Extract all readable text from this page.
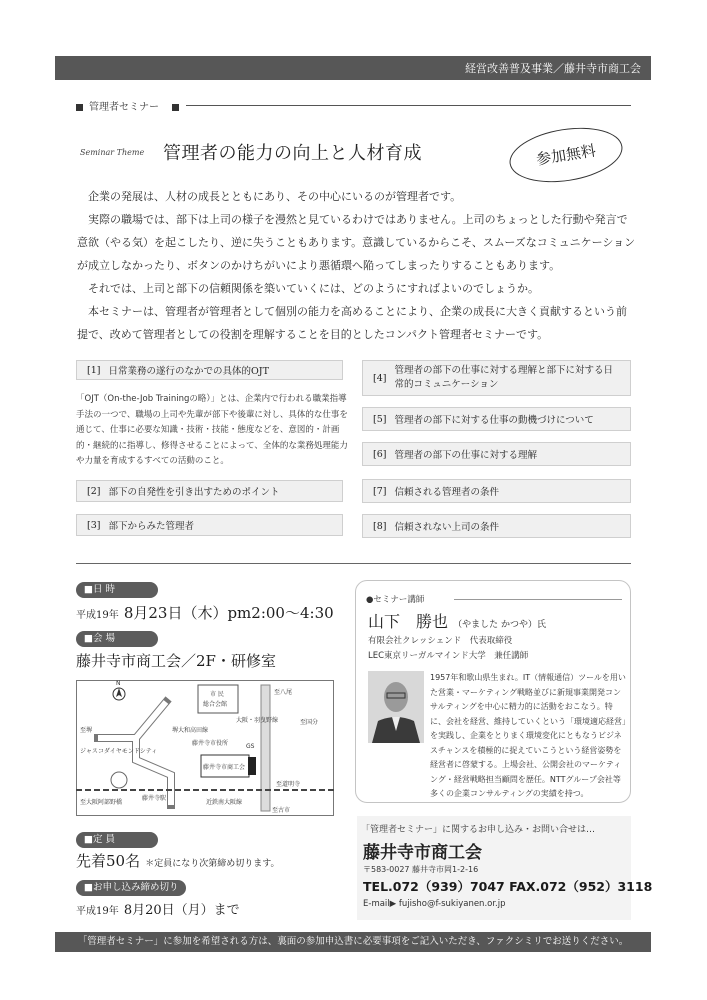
経営改善普及事業／藤井寺市商工会
管理者セミナー
Seminar Theme 管理者の能力の向上と人材育成	参加無料

企業の発展は、人材の成長とともにあり、その中心にいるのが管理者です。

実際の職場では、部下は上司の様子を漫然と見ているわけではありません。上司のちょっとした行動や発言で意欲（やる気）を起こしたり、逆に失うこともあります。意識しているからこそ、スムーズなコミュニケーションが成立しなかったり、ボタンのかけちがいにより悪循環へ陥ってしまったりすることもあります。

それでは、上司と部下の信頼関係を築いていくには、どのようにすればよいのでしょうか。

本セミナーは、管理者が管理者として個別の能力を高めることにより、企業の成長に大きく貢献するという前提で、改めて管理者としての役割を理解することを目的としたコンパクト管理者セミナーです。

[1] 日常業務の遂行のなかでの具体的OJT
「OJT（On-the-Job Trainingの略）」とは、企業内で行われる職業指導手法の一つで、職場の上司や先輩が部下や後輩に対し、具体的な仕事を通じて、仕事に必要な知識・技術・技能・態度などを、意図的・計画的・継続的に指導し、修得させることによって、全体的な業務処理能力や力量を育成するすべての活動のこと。
[2] 部下の自発性を引き出すためのポイント
[3] 部下からみた管理者
[4]
管理者の部下の仕事に対する理解と部下に対する日常的コミュニケーション
[5] 管理者の部下に対する仕事の動機づけについて
[6] 管理者の部下の仕事に対する理解
[7] 信頼される管理者の条件
[8] 信頼されない上司の条件
■日 時
平成19年 8月23日（木）pm2:00〜4:30
■会 場
藤井寺市商工会／2F・研修室
N
市 民
総合会館
至八尾
至国分
至堺	堺大和高田線
藤井寺市役所	GS
藤井寺市商工会
藤井寺駅
近鉄南大阪線
至道明寺
至古市
至大阪阿部野橋
ジャスコダイヤモンドシティ
大阪・羽曳野線
■定 員
先着50名 ＊定員になり次第締め切ります。
■お申し込み締め切り
平成19年 8月20日（月）まで
●セミナー講師
山下　勝也 （やました かつや）氏
有限会社クレッシェンド　代表取締役
LEC東京リーガルマインド大学　兼任講師
1957年和歌山県生まれ。IT（情報通信）ツールを用いた営業・マーケティング戦略並びに新規事業開発コンサルティングを中心に精力的に活動をおこなう。特に、会社を経営、維持していくという「環境適応経営」を実践し、企業をとりまく環境変化にともなうビジネスチャンスを積極的に捉えていこうという経営姿勢を経営者に啓蒙する。上場会社、公開会社のマーケティング・経営戦略担当顧問を歴任。NTTグループ会社等多くの企業コンサルティングの実績を持つ。
「管理者セミナー」に関するお申し込み・お問い合せは…
藤井寺市商工会
〒583-0027 藤井寺市岡1-2-16
TEL.072（939）7047 FAX.072（952）3118
E-mail▶ fujisho@f-sukiyanen.or.jp
「管理者セミナー」に参加を希望される方は、裏面の参加申込書に必要事項をご記入いただき、ファクシミリでお送りください。
